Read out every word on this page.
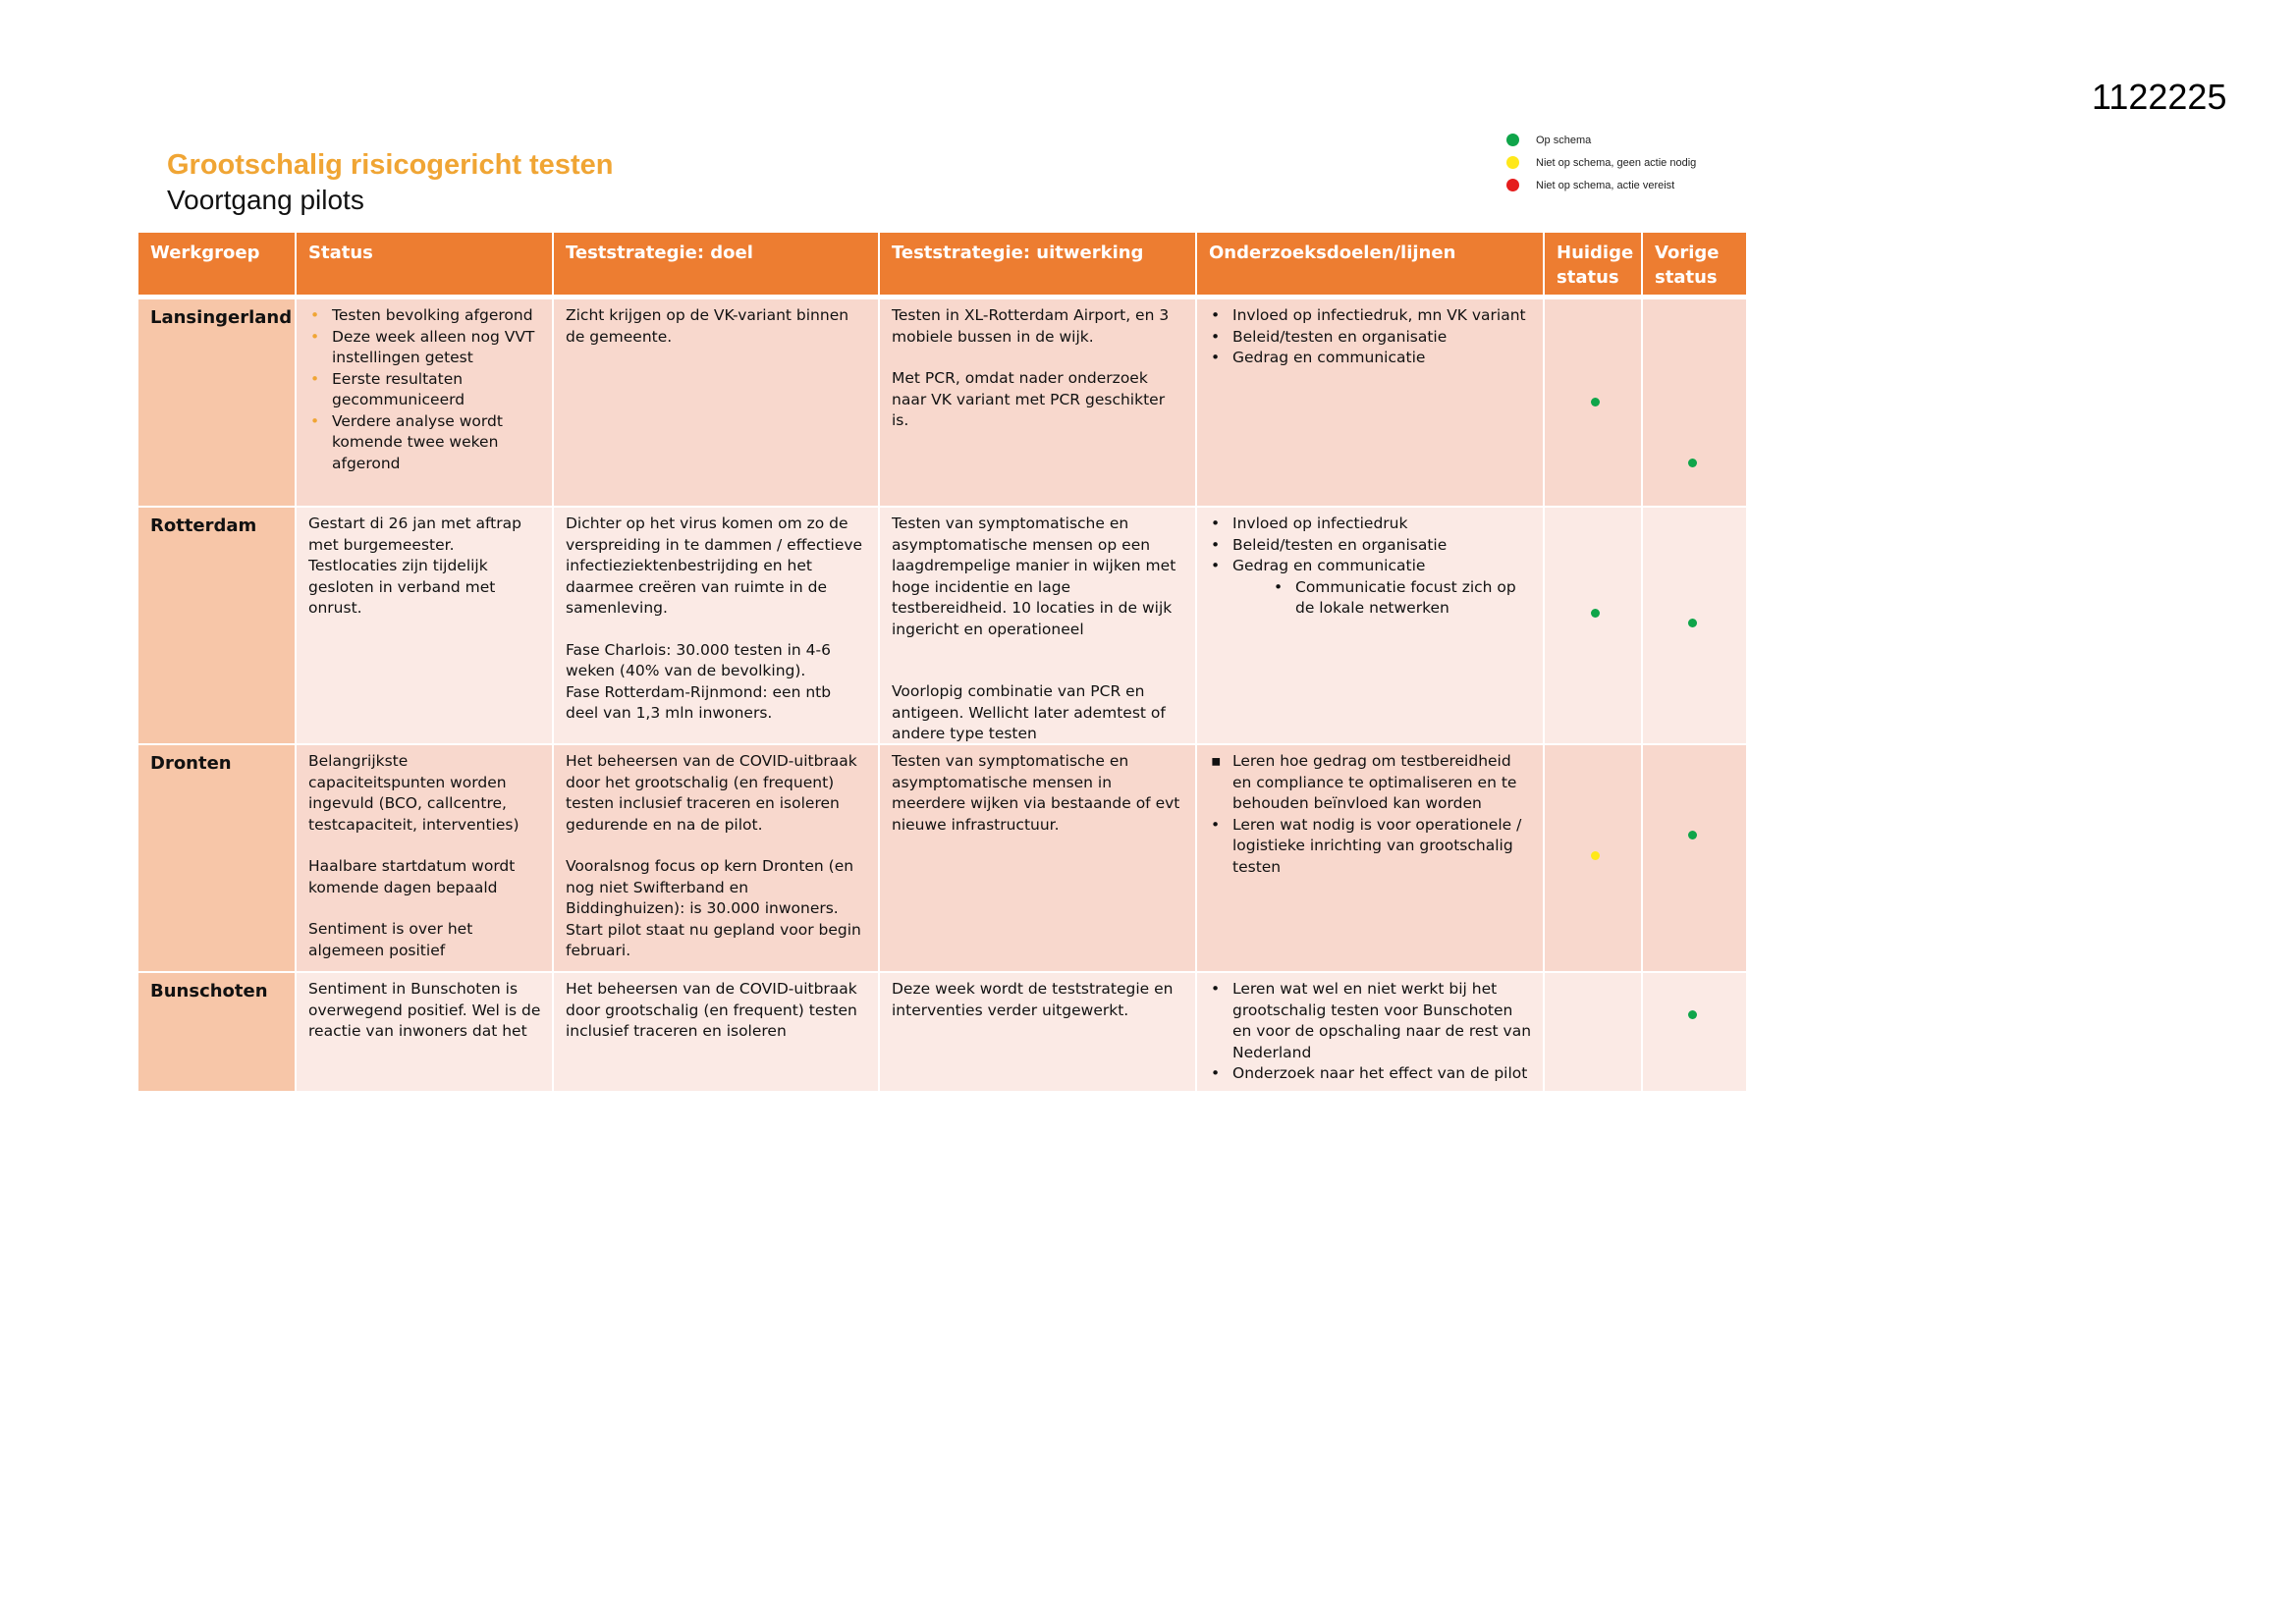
1122225
Grootschalig risicogericht testen
Voortgang pilots
Op schema
Niet op schema, geen actie nodig
Niet op schema, actie vereist
Werkgroep	Status	Teststrategie: doel	Teststrategie: uitwerking	Onderzoeksdoelen/lijnen	Huidige status
Vorige status
Lansingerland
•	Testen bevolking afgerond
• Deze week alleen nog VVT instellingen getest
• Eerste resultaten gecommuniceerd
• Verdere analyse wordt komende twee weken afgerond
Zicht krijgen op de VK-variant binnen de gemeente.

Testen in XL-Rotterdam Airport, en 3 mobiele bussen in de wijk.

Met PCR, omdat nader onderzoek naar VK variant met PCR geschikter is.

• Invloed op infectiedruk, mn VK variant
• Beleid/testen en organisatie
• Gedrag en communicatie
Rotterdam	Gestart di 26 jan met aftrap met burgemeester. Testlocaties zijn tijdelijk gesloten in verband met onrust.

Dichter op het virus komen om zo de verspreiding in te dammen / effectieve infectieziektenbestrijding en het daarmee creëren van ruimte in de samenleving.

Fase Charlois: 30.000 testen in 4-6 weken (40% van de bevolking).

Fase Rotterdam-Rijnmond: een ntb deel van 1,3 mln inwoners.

Testen van symptomatische en asymptomatische mensen op een laagdrempelige manier in wijken met hoge incidentie en lage testbereidheid. 10 locaties in de wijk ingericht en operationeel

Voorlopig combinatie van PCR en antigeen. Wellicht later ademtest of andere type testen

• Invloed op infectiedruk
• Beleid/testen en organisatie
• Gedrag en communicatie
• Communicatie focust zich op de lokale netwerken
Dronten	Belangrijkste capaciteitspunten worden ingevuld (BCO, callcentre, testcapaciteit, interventies)

Haalbare startdatum wordt komende dagen bepaald

Sentiment is over het algemeen positief

Het beheersen van de COVID-uitbraak door het grootschalig (en frequent) testen inclusief traceren en isoleren gedurende en na de pilot.

Vooralsnog focus op kern Dronten (en nog niet Swifterband en Biddinghuizen): is 30.000 inwoners. Start pilot staat nu gepland voor begin februari.

Testen van symptomatische en asymptomatische mensen in meerdere wijken via bestaande of evt nieuwe infrastructuur.
▪ Leren hoe gedrag om testbereidheid en compliance te optimaliseren en te behouden beïnvloed kan worden
• Leren wat nodig is voor operationele / logistieke inrichting van grootschalig testen
Bunschoten	Sentiment in Bunschoten is overwegend positief. Wel is de reactie van inwoners dat het
Het beheersen van de COVID-uitbraak door grootschalig (en frequent) testen inclusief traceren en isoleren
Deze week wordt de teststrategie en interventies verder uitgewerkt.
• Leren wat wel en niet werkt bij het grootschalig testen voor Bunschoten en voor de opschaling naar de rest van Nederland
• Onderzoek naar het effect van de pilot
